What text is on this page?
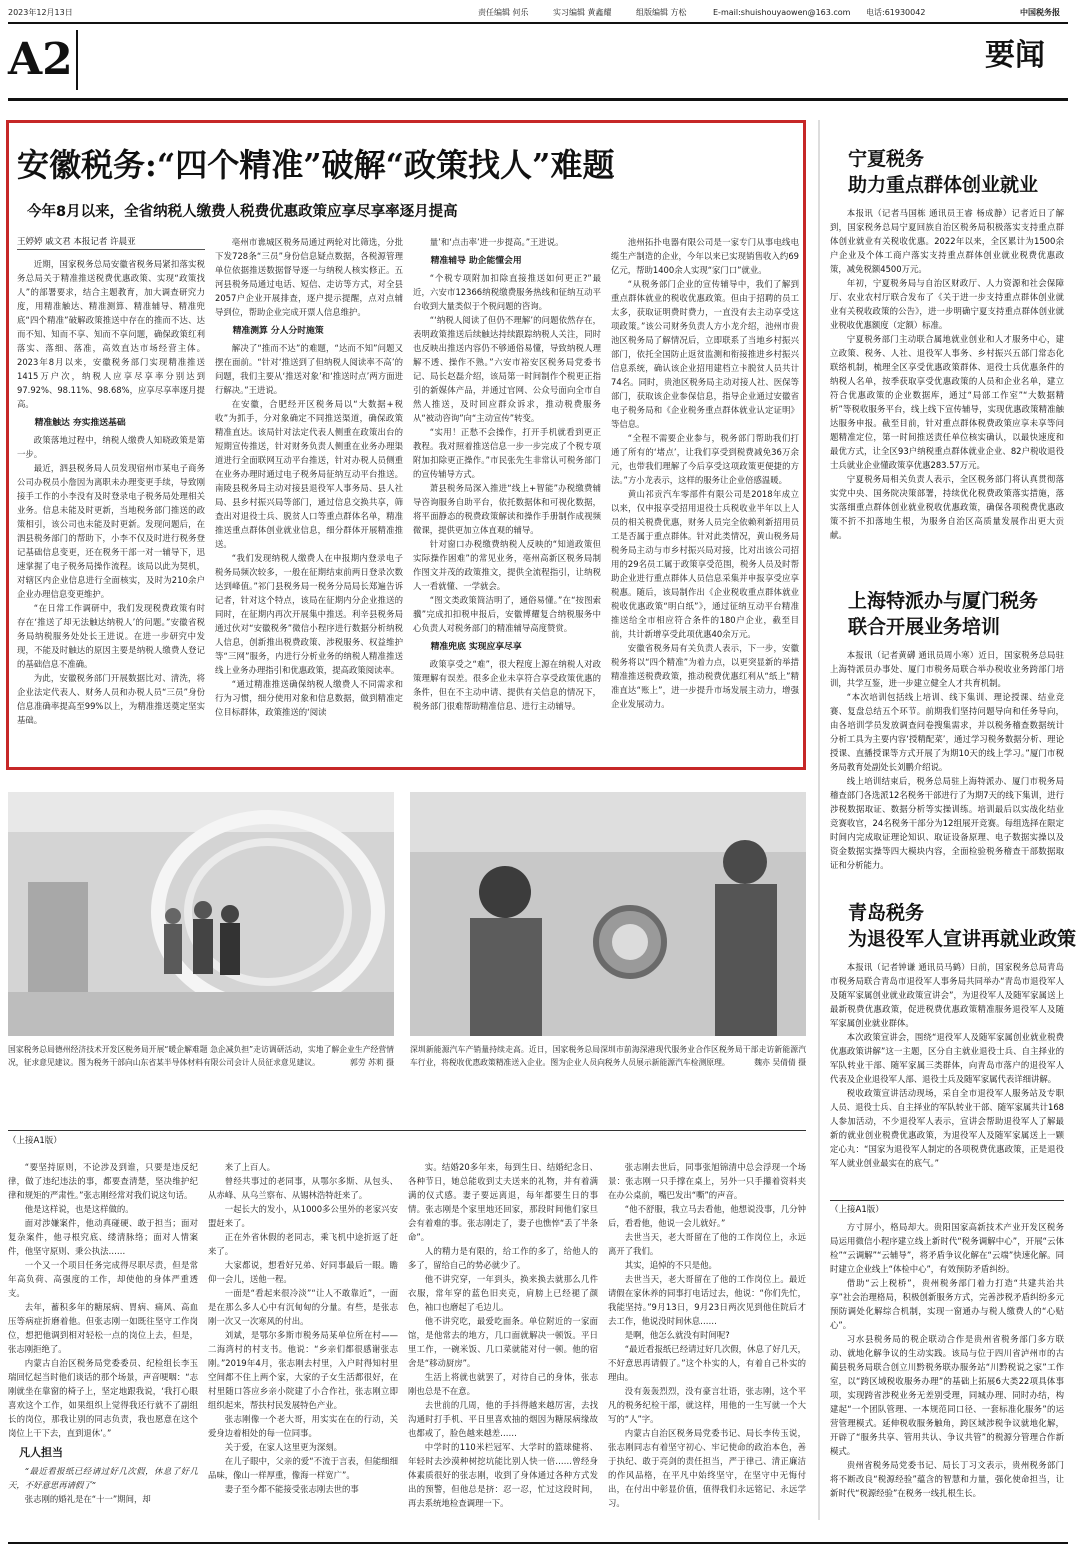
2023年12月13日	责任编辑 何乐	实习编辑 黄鑫耀	组版编辑 方松	E-mail:shuishouyaowen@163.com 电话:61930042	中国税务报
A2	要闻
安徽税务:“四个精准”破解“政策找人”难题
今年8月以来，全省纳税人缴费人税费优惠政策应享尽享率逐月提高
王婷婷 戚文君 本报记者 许晨亚

近期，国家税务总局安徽省税务局紧扣落实税务总局关于精准推送税费优惠政策、实现“政策找人”的部署要求，结合主题教育，加大调查研究力度，用精准触达、精准测算、精准辅导、精准兜底“四个精准”破解政策推送中存在的推而不达、达而不知、知而不享、知而不享问题，确保政策红利落实、落细、落准，高效直达市场经营主体。2023年8月以来，安徽税务部门实现精准推送1415万户次，纳税人应享尽享率分别达到97.92%、98.11%、98.68%，应享尽享率逐月提高。

精准触达 夯实推送基础

政策落地过程中，纳税人缴费人知晓政策是第一步。

最近，泗县税务局人员发现宿州市某电子商务公司办税员小詹因为离职未办理变更手续，导致刚接手工作的小李没有及时登录电子税务局处理相关业务。信息未能及时更新，当地税务部门推送的政策相引，该公司也未能及时更新。发现问题后，在泗县税务部门的帮助下，小李不仅及时进行税务登记基础信息变更，还在税务干部一对一辅导下，迅速掌握了电子税务局操作流程。该局以此为契机，对辖区内企业信息进行全面核实，及时为210余户企业办理信息变更维护。

“在日常工作调研中，我们发现税费政策有时存在‘推送了却无法触达纳税人’的问题。”安徽省税务局纳税服务处处长王进说。在进一步研究中发现，不能及时触达的原因主要是纳税人缴费人登记的基础信息不准确。

为此，安徽税务部门开展数据比对、清洗，将企业法定代表人、财务人员和办税人员“三员”身份信息准确率提高至99%以上，为精准推送奠定坚实基础。

亳州市谯城区税务局通过两轮对比筛选，分批下发728条“三员”身份信息疑点数据，各税源管理单位依据推送数据督导逐一与纳税人核实修正。五河县税务局通过电话、短信、走访等方式，对全县2057户企业开展排查，逐户提示提醒，点对点辅导到位，帮助企业完成开票人信息维护。

精准测算 分人分时施策

解决了“推而不达”的难题，“达而不知”问题又摆在面前。“针对‘推送到了但纳税人阅读率不高’的问题，我们主要从‘推送对象’和‘推送时点’两方面进行解决。”王进说。

在安徽，合肥经开区税务局以“大数据+税收”为抓手，分对象确定不同推送渠道，确保政策精准直达。该局针对法定代表人侧重在政策出台的短期宣传推送，针对财务负责人侧重在业务办理渠道进行全面联网互动平台推送，针对办税人员侧重在业务办理时通过电子税务局征纳互动平台推送。南陵县税务局主动对接县退役军人事务局、县人社局、县乡村振兴局等部门，通过信息交换共享，筛查出对退役士兵、脱贫人口等重点群体名单，精准推送重点群体创业就业信息，细分群体开展精准推送。

“我们发现纳税人缴费人在申报期内登录电子税务局频次较多，一般在征期结束前两日登录次数达到峰值。”祁门县税务局一税务分局局长郑遍告诉记者，针对这个特点，该局在征期内分企业推送的同时，在征期内再次开展集中推送。利辛县税务局通过伙对“安徽税务”微信小程序进行数据分析纳税人信息，创新推出税费政策、涉税服务、权益维护等“三网”服务，内进行分析业务的纳税人精准推送线上业务办理指引和优惠政策，提高政策阅读率。

“通过精准推送确保纳税人缴费人不同需求和行为习惯，细分使用对象和信息数据，做到精准定位目标群体，政策推送的‘阅读

量’和‘点击率’进一步提高。”王进说。

精准辅导 助企能懂会用

“个税专项附加扣除直接推送如何更正?”最近，六安市12366纳税缴费服务热线和征纳互动平台收到大量类似于个税问题的咨询。

“‘纳税人阅读了但仍不理解’的问题依然存在，表明政策推送后续触达持续跟踪纳税人关注，同时也反映出推送内容仍不够通俗易懂，导致纳税人理解不透、操作不熟。”六安市裕安区税务局党委书记、局长赵磊介绍，该局第一时间制作个税更正指引的新媒体产品，并通过官网、公众号面向全市自然人推送，及时回应群众诉求，推动税费服务从“被动咨询”向“主动宣传”转变。

“实用！正愁不会操作，打开手机就看到更正教程。我对照着推送信息一步一步完成了个税专项附加扣除更正操作。”市民张先生非常认可税务部门的宣传辅导方式。

萧县税务局深入推进“线上+智能”办税缴费辅导咨询服务自助平台，依托数据体和可视化数据，将平面静态的税费政策解读和操作手册制作成视频微课，提供更加立体直观的辅导。

针对窗口办税缴费纳税人反映的“知道政策但实际操作困难”的常见业务，亳州高新区税务局制作图文并茂的政策推文，提供全流程指引，让纳税人一看就懂、一学就会。

“图文类政策简洁明了，通俗易懂。”在“按图索骥”完成扣扣税申报后，安徽博耀复合纳税服务中心负责人对税务部门的精准辅导高度赞赏。

精准兜底 实现应享尽享

政策享受之“难”，很大程度上源在纳税人对政策理解有误差。很多企业未享符合享受政策优惠的条件，但在不主动申请、提供有关信息的情况下，税务部门很难帮助精准信息、进行主动辅导。

池州拓扑电器有限公司是一家专门从事电线电缆生产制造的企业，今年以来已实现销售收入约69亿元，帮助1400余人实现“家门口”就业。

“从税务部门企业的宣传辅导中，我们了解到重点群体就业的税收优惠政策。但由于招聘的员工太多，获取证明费时费力，一直没有去主动享受这项政策。”该公司财务负责人方小龙介绍，池州市贵池区税务局了解情况后，立即联系了当地乡村振兴部门，依托全国防止返贫监测和衔接推进乡村振兴信息系统，确认该企业招用建档立卡脱贫人员共计74名。同时，贵池区税务局主动对接人社、医保等部门，获取该企业参保信息，指导企业通过安徽省电子税务局和《企业税务重点群体就业认定证明》等信息。

“全程不需要企业参与，税务部门帮助我们打通了所有的‘堵点’，让我们享受到税费减免36万余元，也带我们理解了今后享受这项政策更便捷的方法。”方小龙表示，这样的服务让企业倍感温暖。

黄山祁贡汽车零部件有限公司是2018年成立以来，仅申报享受招用退役士兵税收业半年以上人员的相关税费优惠，财务人员完全依赖利新招用员工是否属于重点群体。针对此类情况，黄山税务局税务局主动与市乡村振兴局对接，比对出该公司招用的29名员工属于政策享受范围，税务人员及时帮助企业进行重点群体人员信息采集并申报享受应享税惠。随后，该局制作出《企业税收重点群体就业税收优惠政策“明白纸”》，通过征纳互动平台精准推送给全市相应符合条件的180户企业，截至目前，共计新增享受此项优惠40余万元。

安徽省税务局有关负责人表示，下一步，安徽税务将以“四个精准”为着力点，以更突显新的举措精准推送税费政策，推动税费优惠红利从“纸上”精准直达“账上”，进一步提升市场发展主动力，增强企业发展动力。

宁夏税务
助力重点群体创业就业

本报讯（记者马国栋 通讯员王睿 杨成静）记者近日了解到，国家税务总局宁夏回族自治区税务局积极落实支持重点群体创业就业有关税收优惠。2022年以来，全区累计为1500余户企业及个体工商户落实支持重点群体创业就业税费优惠政策，减免税额4500万元。

年初，宁夏税务局与自治区财政厅、人力资源和社会保障厅、农业农村厅联合发布了《关于进一步支持重点群体创业就业有关税收政策的公告》，进一步明确宁夏支持重点群体创业就业税收优惠额度（定额）标准。

宁夏税务部门主动联合属地就业创业和人才服务中心，建立政策、税务、人社、退役军人事务、乡村振兴五部门常态化联络机制，梳理全区享受优惠政策群体、退役士兵优惠条件的纳税人名单，按季获取享受优惠政策的人员和企业名单，建立符合优惠政策的企业数据库，通过“局部工作室”“大数据精析”等税收服务平台，线上线下宣传辅导，实现优惠政策精准触达服务申报。截至目前，针对重点群体税费政策应享未享等问题精准定位，第一时间推送责任单位核实确认，以最快速度和最优方式，让全区93户纳税重点群体就业企业、82户税收退役士兵就业企业懂政策享优惠283.57万元。

宁夏税务局相关负责人表示，全区税务部门将认真贯彻落实党中央、国务院决策部署，持续优化税费政策落实措施，落实落细重点群体创业就业税收优惠政策，确保各项税费优惠政策不折不扣落地生根，为服务自治区高质量发展作出更大贡献。

上海特派办与厦门税务
联合开展业务培训

本报讯（记者黄礴 通讯员周小寒）近日，国家税务总局驻上海特派员办事处、厦门市税务局联合举办税收业务跨部门培训，共学互鉴，进一步建立健全人才共育机制。

“本次培训包括线上培训、线下集训、理论授课、结业竞赛、复盘总结五个环节。前期我们坚持问题导向和任务导向，由各培训学员发放调查问卷搜集需求，并以税务稽查数据统计分析工具为主要内容‘授精配菜’，通过学习税务数据分析、理论授课、直播授课等方式开展了为期10天的线上学习。”厦门市税务局教育处副处长刘鹏介绍说。

线上培训结束后，税务总局驻上海特派办、厦门市税务局稽查部门各选派12名税务干部进行了为期7天的线下集训，进行涉税数据取证、数据分析等实操训练。培训最后以实战化结业竞赛收官，24名税务干部分为12组展开竞赛。每组选择在限定时间内完成取证理论知识、取证设备原理、电子数据实操以及资金数据实操等四大模块内容，全面检验税务稽查干部数据取证和分析能力。

青岛税务
为退役军人宣讲再就业政策

本报讯（记者钟谦 通讯员马鹤）日前，国家税务总局青岛市税务局联合青岛市退役军人事务局共同举办“青岛市退役军人及随军家属创业就业政策宣讲会”，为退役军人及随军家属送上最新税费优惠政策，促进税费优惠政策精准服务退役军人及随军家属创业就业群体。

本次政策宣讲会，围绕“退役军人及随军家属创业就业税费优惠政策讲解”这一主题，区分自主就业退役士兵、自主择业的军队转业干部、随军家属三类群体，向青岛市落户的退役军人代表及企业退役军人部、退役士兵及随军家属代表详细讲解。

税收政策宣讲活动现场，采自全市退役军人服务站及专职人员、退役士兵、自主择业的军队转业干部、随军家属共计168人参加活动，不少退役军人表示，宣讲会帮助退役军人了解最新的就业创业税费优惠政策，为退役军人及随军家属送上一颗定心丸：“国家为退役军人制定的各项税费优惠政策，正是退役军人就业创业最实在的底气。”

（上接A1版）

方寸屏小，格局却大。贵阳国家高新技术产业开发区税务局运用微信小程序建立线上新时代“税务调解中心”，开展“云体检”“云调解”“云辅导”，将矛盾争议化解在“云端”快速化解。同时建立企业线上“体检中心”，有效预防矛盾纠纷。

借助“云上税桥”，贵州税务部门着力打造“共建共治共享”社会治理格局，积极创新服务方式，完善涉税矛盾纠纷多元预防调处化解综合机制，实现一窗通办与税人缴费人的“心贴心”。

习水县税务局的税企联动合作是贵州省税务部门多方联动、就地化解争议的生动实践。该局与位于四川省泸州市的古蔺县税务局联合创立川黔税务联办服务站“川黔税说之家”工作室，以“跨区域税收服务办理”的基础上拓展6大类22项具体事项，实现跨省涉税业务无差别受理，同城办理、同时办结，构建起“一个团队管理、一本规范同口径、一套标准化服务”的运营管理模式。延伸税收服务触角，跨区域涉税争议就地化解，开辟了“服务共享、管用共认、争议共管”的税源分管理合作新模式。

贵州省税务局党委书记、局长丁习文表示，贵州税务部门将不断改良“税源经验”蕴含的智慧和力量，强化使命担当，让新时代“税源经验”在税务一线扎根生长。

国家税务总局德州经济技术开发区税务局开展“暖企解难题 急企减负担”走访调研活动，实地了解企业生产经营情况，征求意见建议。图为税务干部向山东省某半导体材料有限公司会计人员征求意见建议。	郭劳 苏莉 摄
深圳新能源汽车产销量持续走高。近日，国家税务总局深圳市前海深港现代服务业合作区税务局干部走访新能源汽车行业，将税收优惠政策精准送入企业。图为企业人员向税务人员展示新能源汽车检测原理。	魏亦 吴倩倩 摄
（上接A1版）

“要坚持原则，不论涉及到谁，只要是违反纪律，做了违纪违法的事，都要查清楚，坚决维护纪律和规矩的严肃性。”张志刚经常对我们说这句话。

他是这样说，也是这样做的。

面对涉嫌案件，他动真碰硬、敢于担当；面对复杂案件，他寻根究底、缕清脉络；面对人情案件，他坚守原则、秉公执法……

一个又一个项目任务完成得尽职尽责，但是常年高负荷、高强度的工作，却使他的身体严重透支。

去年，蓄积多年的糖尿病、胃病、痛风、高血压等病症折磨着他。但张志刚一如既往坚守工作岗位，想把他调到相对轻松一点的岗位上去，但是，张志刚拒绝了。

内蒙古自治区税务局党委委员、纪检组长李玉瑞回忆起当时他们谈话的那个场景，声音哽咽：“志刚就坐在靠窗的椅子上，坚定地跟我说，‘我打心眼喜欢这个工作，如果组织上觉得我还行就不了副组长的岗位，那我让别的同志负责，我也愿意在这个岗位上干下去，直到退休’。”

凡人担当

“最近看报纸已经请过好几次假，休息了好几天，不好意思再请假了”

张志刚的婚礼是在“十一”期间，却

来了上百人。

曾经共事过的老同事，从鄂尔多斯、从包头、从赤峰、从乌兰察布、从锡林浩特赶来了。

一起长大的发小，从1000多公里外的老家兴安盟赶来了。

正在外省休假的老同志，乘飞机中途折返了赶来了。

大家都说，想看好兄弟、好同事最后一眼。瞻仰一会儿，送他一程。

一面是“看起来很冷淡”“让人不敢靠近”，一面是在那么多人心中有沉甸甸的分量。有些，是张志刚一次又一次寒风的付出。

刘斌，是鄂尔多斯市税务局某单位所在村——二海湾村的村支书。他说：“乡亲们都很感谢张志刚。”2019年4月，张志刚去村里，入户时得知村里空间都不住上两个家，大家的子女生活都很好，在村里随口答应乡亲小院建了小合作社，张志刚立即组织起来，帮扶村民发展特色产业。

张志刚像一个老大哥，用实实在在的行动，关爱身边着相处的每一位同事。

关于爱，在家人这里更为深刻。

在儿子眼中，父亲的爱“不流于言表，但能细细品味，像山一样厚重，像海一样宽广”。

妻子至今都不能接受张志刚去世的事

实。结婚20多年来，每到生日、结婚纪念日、各种节日，她总能收到丈夫送来的礼物，并有着满满的仪式感。妻子要远离退，每年都要生日的事情。张志刚是个家里地还回家，那段时间他们家旦会有着难的事。张志刚走了，妻子也憔悴“丢了半条命”。

人的精力是有限的，给工作的多了，给他人的多了，留给自己的势必就少了。

他不讲究穿，一年到头，换来换去就那么几件衣服，常年穿的蓝色旧夹克，肩膀上已经褪了颜色，袖口也磨起了毛边儿。

他不讲究吃，最爱吃面条。单位附近的一家面馆，是他常去的地方，几口面就解决一顿饭。平日里工作，一碗米饭、几口菜就能对付一顿。他的宿舍是“移动厨房”。

生活上将就也就罢了，对待自己的身体，张志刚也总是不在意。

去世前的几周，他的手抖得越来越厉害，去找沟通时打手机、平日里喜欢抽的烟因为糖尿病缘故也都戒了，脸色越来越差……

中学时的110米栏冠军、大学时的篮球健将、年轻时去沙漠种树挖坑能比别人快一倍……曾经身体素质很好的张志刚，收到了身体通过各种方式发出的预警，但他总是挤：忍一忍，忙过这段时间，再去系统地检查调理一下。

张志刚去世后，同事张旭锦清中总会浮现一个场景：张志刚一只手撑在桌上，另外一只手攥着资料夹在办公桌前，嘴巴发出“嘶”的声音。

“他不舒服，我立马去看他，他想说没事，几分钟后，看看他，他说一会儿就好。”

去世当天，老大哥留在了他的工作岗位上，永远离开了我们。

其实，追悼的不只是他。

去世当天，老大哥留在了他的工作岗位上。最近请假在家休养的同事打电话过去，他说：“你们先忙，我能坚持。”9月13日，9月23日两次见到他住院后才去工作，他说没时间休息……

是啊，他怎么就没有时间呢?

“最近看报纸已经请过好几次假，休息了好几天，不好意思再请假了。”这个朴实的人，有着自己朴实的理由。

没有轰轰烈烈，没有豪言壮语，张志刚，这个平凡的税务纪检干部，就这样，用他的一生写就一个大写的“人”字。

内蒙古自治区税务局党委书记、局长李传玉说，张志刚同志有着坚守初心、牢记使命的政治本色，善于执纪、敢于亮剑的责任担当，严于律己、清正廉洁的作风品格，在平凡中始终坚守，在坚守中无悔付出，在付出中彰显价值，值得我们永远铭记、永远学习。
